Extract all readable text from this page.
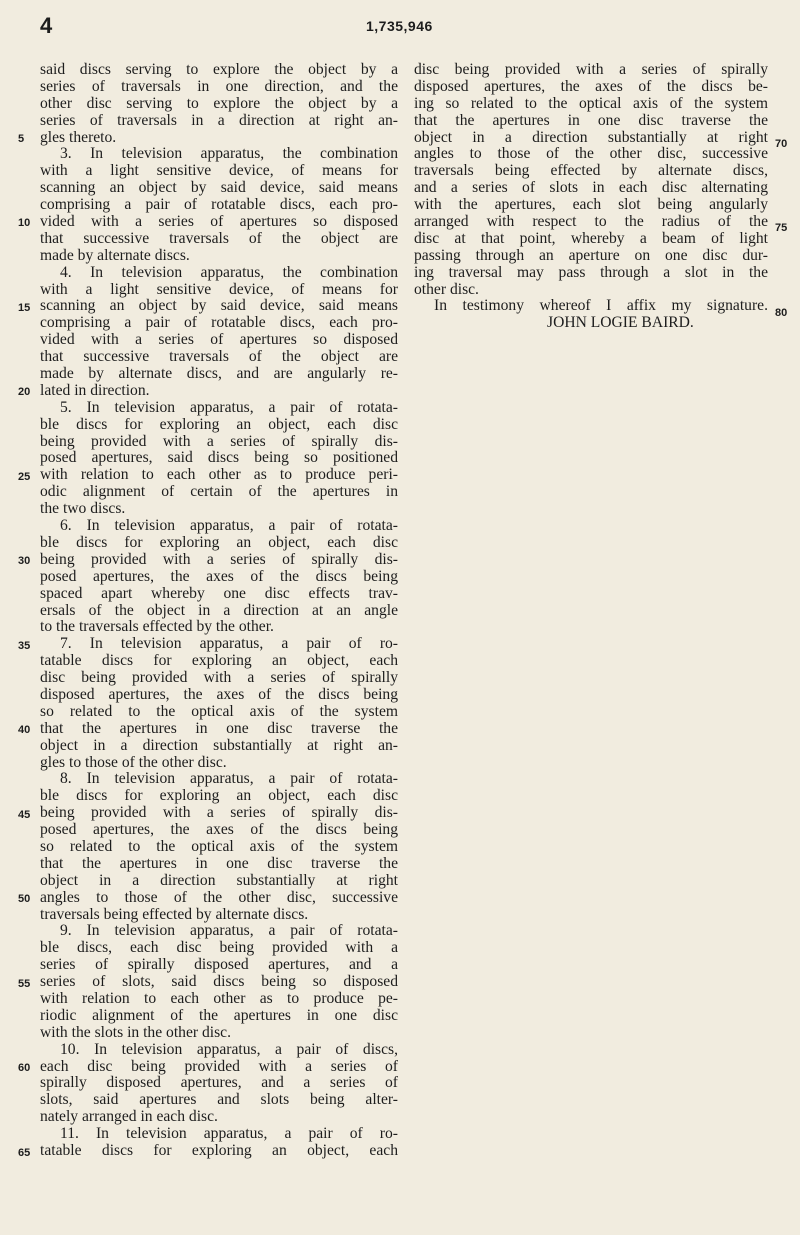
4	1,735,946
said discs serving to explore the object by a
series of traversals in one direction, and the
other disc serving to explore the object by a
series of traversals in a direction at right an-
gles thereto.
3. In television apparatus, the combination
with a light sensitive device, of means for
scanning an object by said device, said means
comprising a pair of rotatable discs, each pro-
vided with a series of apertures so disposed
that successive traversals of the object are
made by alternate discs.
4. In television apparatus, the combination
with a light sensitive device, of means for
scanning an object by said device, said means
comprising a pair of rotatable discs, each pro-
vided with a series of apertures so disposed
that successive traversals of the object are
made by alternate discs, and are angularly re-
lated in direction.
5. In television apparatus, a pair of rotata-
ble discs for exploring an object, each disc
being provided with a series of spirally dis-
posed apertures, said discs being so positioned
with relation to each other as to produce peri-
odic alignment of certain of the apertures in
the two discs.
6. In television apparatus, a pair of rotata-
ble discs for exploring an object, each disc
being provided with a series of spirally dis-
posed apertures, the axes of the discs being
spaced apart whereby one disc effects trav-
ersals of the object in a direction at an angle
to the traversals effected by the other.
7. In television apparatus, a pair of ro-
tatable discs for exploring an object, each
disc being provided with a series of spirally
disposed apertures, the axes of the discs being
so related to the optical axis of the system
that the apertures in one disc traverse the
object in a direction substantially at right an-
gles to those of the other disc.
8. In television apparatus, a pair of rotata-
ble discs for exploring an object, each disc
being provided with a series of spirally dis-
posed apertures, the axes of the discs being
so related to the optical axis of the system
that the apertures in one disc traverse the
object in a direction substantially at right
angles to those of the other disc, successive
traversals being effected by alternate discs.
9. In television apparatus, a pair of rotata-
ble discs, each disc being provided with a
series of spirally disposed apertures, and a
series of slots, said discs being so disposed
with relation to each other as to produce pe-
riodic alignment of the apertures in one disc
with the slots in the other disc.
10. In television apparatus, a pair of discs,
each disc being provided with a series of
spirally disposed apertures, and a series of
slots, said apertures and slots being alter-
nately arranged in each disc.
11. In television apparatus, a pair of ro-
tatable discs for exploring an object, each
disc being provided with a series of spirally
disposed apertures, the axes of the discs be-
ing so related to the optical axis of the system
that the apertures in one disc traverse the
object in a direction substantially at right
angles to those of the other disc, successive
traversals being effected by alternate discs,
and a series of slots in each disc alternating
with the apertures, each slot being angularly
arranged with respect to the radius of the
disc at that point, whereby a beam of light
passing through an aperture on one disc dur-
ing traversal may pass through a slot in the
other disc.
In testimony whereof I affix my signature.
JOHN LOGIE BAIRD.
5
10
15
20
25
30
35
40
45
50
55
60
65
70
75
80
